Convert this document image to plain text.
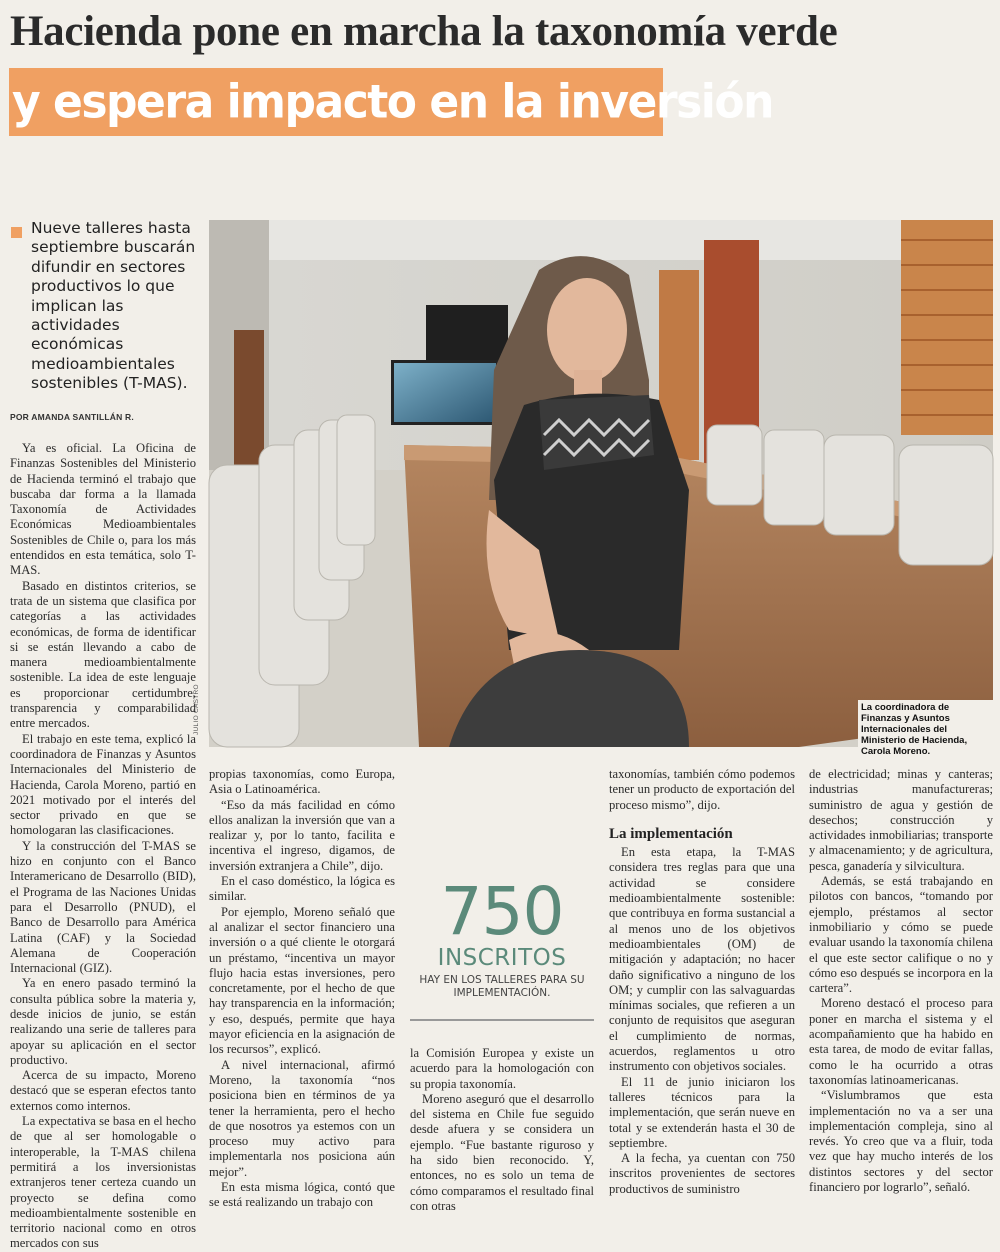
Hacienda pone en marcha la taxonomía verde
y espera impacto en la inversión
Nueve talleres hasta septiembre buscarán difundir en sectores productivos lo que implican las actividades económicas medioambientales sostenibles (T-MAS).
POR AMANDA SANTILLÁN R.
JULIO CASTRO	La coordinadora de Finanzas y Asuntos Internacionales del Ministerio de Hacienda, Carola Moreno.

Ya es oficial. La Oficina de Finanzas Sostenibles del Ministerio de Hacienda terminó el trabajo que buscaba dar forma a la llamada Taxonomía de Actividades Económicas Medioambientales Sostenibles de Chile o, para los más entendidos en esta temática, solo T-MAS.

Basado en distintos criterios, se trata de un sistema que clasifica por categorías a las actividades económicas, de forma de identificar si se están llevando a cabo de manera medioambientalmente sostenible. La idea de este lenguaje es proporcionar certidumbre, transparencia y comparabilidad entre mercados.

El trabajo en este tema, explicó la coordinadora de Finanzas y Asuntos Internacionales del Ministerio de Hacienda, Carola Moreno, partió en 2021 motivado por el interés del sector privado en que se homologaran las clasificaciones.

Y la construcción del T-MAS se hizo en conjunto con el Banco Interamericano de Desarrollo (BID), el Programa de las Naciones Unidas para el Desarrollo (PNUD), el Banco de Desarrollo para América Latina (CAF) y la Sociedad Alemana de Cooperación Internacional (GIZ).

Ya en enero pasado terminó la consulta pública sobre la materia y, desde inicios de junio, se están realizando una serie de talleres para apoyar su aplicación en el sector productivo.

Acerca de su impacto, Moreno destacó que se esperan efectos tanto externos como internos.

La expectativa se basa en el hecho de que al ser homologable o interoperable, la T-MAS chilena permitirá a los inversionistas extranjeros tener certeza cuando un proyecto se defina como medioambientalmente sostenible en territorio nacional como en otros mercados con sus

propias taxonomías, como Europa, Asia o Latinoamérica.

“Eso da más facilidad en cómo ellos analizan la inversión que van a realizar y, por lo tanto, facilita e incentiva el ingreso, digamos, de inversión extranjera a Chile”, dijo.

En el caso doméstico, la lógica es similar.

Por ejemplo, Moreno señaló que al analizar el sector financiero una inversión o a qué cliente le otorgará un préstamo, “incentiva un mayor flujo hacia estas inversiones, pero concretamente, por el hecho de que hay transparencia en la información; y eso, después, permite que haya mayor eficiencia en la asignación de los recursos”, explicó.

A nivel internacional, afirmó Moreno, la taxonomía “nos posiciona bien en términos de ya tener la herramienta, pero el hecho de que nosotros ya estemos con un proceso muy activo para implementarla nos posiciona aún mejor”.

En esta misma lógica, contó que se está realizando un trabajo con

750
INSCRITOS
HAY EN LOS TALLERES PARA SU IMPLEMENTACIÓN.

la Comisión Europea y existe un acuerdo para la homologación con su propia taxonomía.

Moreno aseguró que el desarrollo del sistema en Chile fue seguido desde afuera y se considera un ejemplo. “Fue bastante riguroso y ha sido bien reconocido. Y, entonces, no es solo un tema de cómo comparamos el resultado final con otras

taxonomías, también cómo podemos tener un producto de exportación del proceso mismo”, dijo.

La implementación

En esta etapa, la T-MAS considera tres reglas para que una actividad se considere medioambientalmente sostenible: que contribuya en forma sustancial a al menos uno de los objetivos medioambientales (OM) de mitigación y adaptación; no hacer daño significativo a ninguno de los OM; y cumplir con las salvaguardas mínimas sociales, que refieren a un conjunto de requisitos que aseguran el cumplimiento de normas, acuerdos, reglamentos u otro instrumento con objetivos sociales.

El 11 de junio iniciaron los talleres técnicos para la implementación, que serán nueve en total y se extenderán hasta el 30 de septiembre.

A la fecha, ya cuentan con 750 inscritos provenientes de sectores productivos de suministro

de electricidad; minas y canteras; industrias manufactureras; suministro de agua y gestión de desechos; construcción y actividades inmobiliarias; transporte y almacenamiento; y de agricultura, pesca, ganadería y silvicultura.

Además, se está trabajando en pilotos con bancos, “tomando por ejemplo, préstamos al sector inmobiliario y cómo se puede evaluar usando la taxonomía chilena el que este sector califique o no y cómo eso después se incorpora en la cartera”.

Moreno destacó el proceso para poner en marcha el sistema y el acompañamiento que ha habido en esta tarea, de modo de evitar fallas, como le ha ocurrido a otras taxonomías latinoamericanas.

“Vislumbramos que esta implementación no va a ser una implementación compleja, sino al revés. Yo creo que va a fluir, toda vez que hay mucho interés de los distintos sectores y del sector financiero por lograrlo”, señaló.
